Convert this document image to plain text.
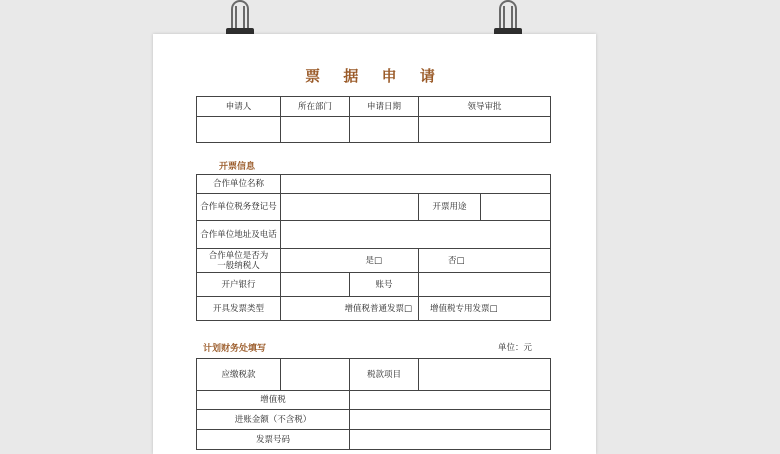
票 据 申 请
申请人	所在部门	申请日期	领导审批

开票信息
合作单位名称				
合作单位税务登记号			开票用途	
合作单位地址及电话				

合作单位是否为
一般纳税人	是□		否□	
开户银行		账号		
开具发票类型	增值税普通发票□		增值税专用发票□	
计划财务处填写	单位：元
应缴税款		税款项目	
增值税			
进账金额（不含税）			
发票号码			
